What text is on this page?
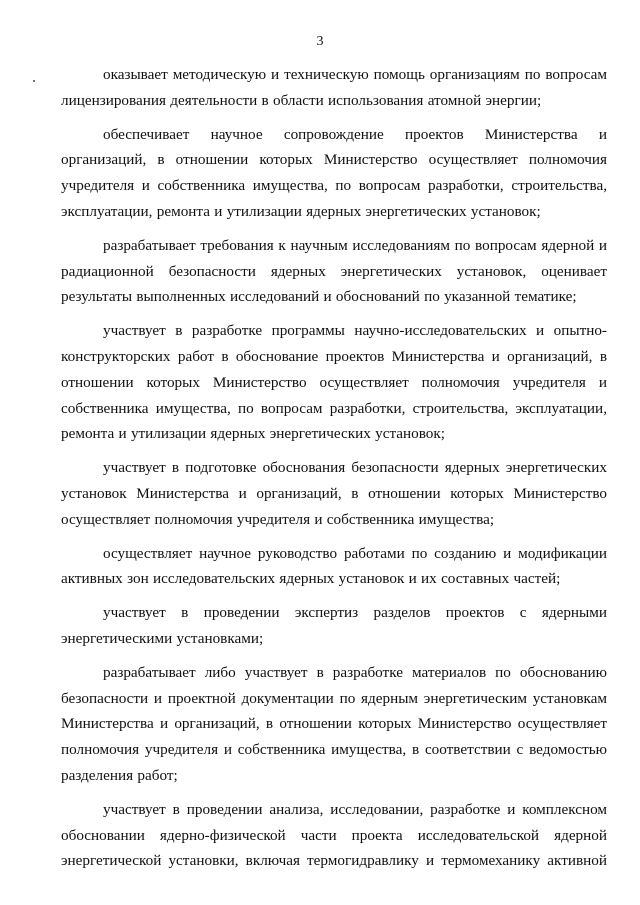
3

оказывает методическую и техническую помощь организациям по вопросам лицензирования деятельности в области использования атомной энергии;

обеспечивает научное сопровождение проектов Министерства и организаций, в отношении которых Министерство осуществляет полномочия учредителя и собственника имущества, по вопросам разработки, строительства, эксплуатации, ремонта и утилизации ядерных энергетических установок;

разрабатывает требования к научным исследованиям по вопросам ядерной и радиационной безопасности ядерных энергетических установок, оценивает результаты выполненных исследований и обоснований по указанной тематике;

участвует в разработке программы научно-исследовательских и опытно-конструкторских работ в обоснование проектов Министерства и организаций, в отношении которых Министерство осуществляет полномочия учредителя и собственника имущества, по вопросам разработки, строительства, эксплуатации, ремонта и утилизации ядерных энергетических установок;

участвует в подготовке обоснования безопасности ядерных энергетических установок Министерства и организаций, в отношении которых Министерство осуществляет полномочия учредителя и собственника имущества;

осуществляет научное руководство работами по созданию и модификации активных зон исследовательских ядерных установок и их составных частей;

участвует в проведении экспертиз разделов проектов с ядерными энергетическими установками;

разрабатывает либо участвует в разработке материалов по обоснованию безопасности и проектной документации по ядерным энергетическим установкам Министерства и организаций, в отношении которых Министерство осуществляет полномочия учредителя и собственника имущества, в соответствии с ведомостью разделения работ;

участвует в проведении анализа, исследовании, разработке и комплексном обосновании ядерно-физической части проекта исследовательской ядерной энергетической установки, включая термогидравлику и термомеханику активной
